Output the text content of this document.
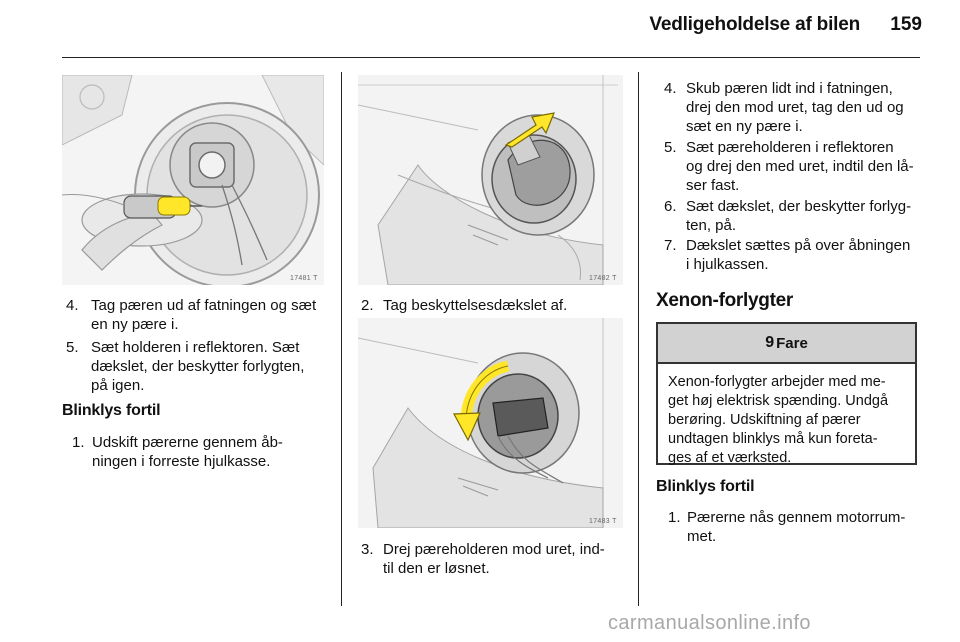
Vedligeholdelse af bilen	159
17481 T	17482 T
17483 T
4. Tag pæren ud af fatningen og sæt
en ny pære i.
5. Sæt holderen i reflektoren. Sæt
dækslet, der beskytter forlygten,
på igen.
Blinklys fortil
1. Udskift pærerne gennem åb-
ningen i forreste hjulkasse.
2. Tag beskyttelsesdækslet af.
3. Drej pæreholderen mod uret, ind-
til den er løsnet.
4. Skub pæren lidt ind i fatningen,
drej den mod uret, tag den ud og
sæt en ny pære i.
5. Sæt pæreholderen i reflektoren
og drej den med uret, indtil den lå-
ser fast.
6. Sæt dækslet, der beskytter forlyg-
ten, på.
7. Dækslet sættes på over åbningen
i hjulkassen.
Xenon-forlygter
9 Fare
Xenon-forlygter arbejder med me-
get høj elektrisk spænding. Undgå
berøring. Udskiftning af pærer
undtagen blinklys må kun foreta-
ges af et værksted.
Blinklys fortil
1. Pærerne nås gennem motorrum-
met.
carmanualsonline.info
